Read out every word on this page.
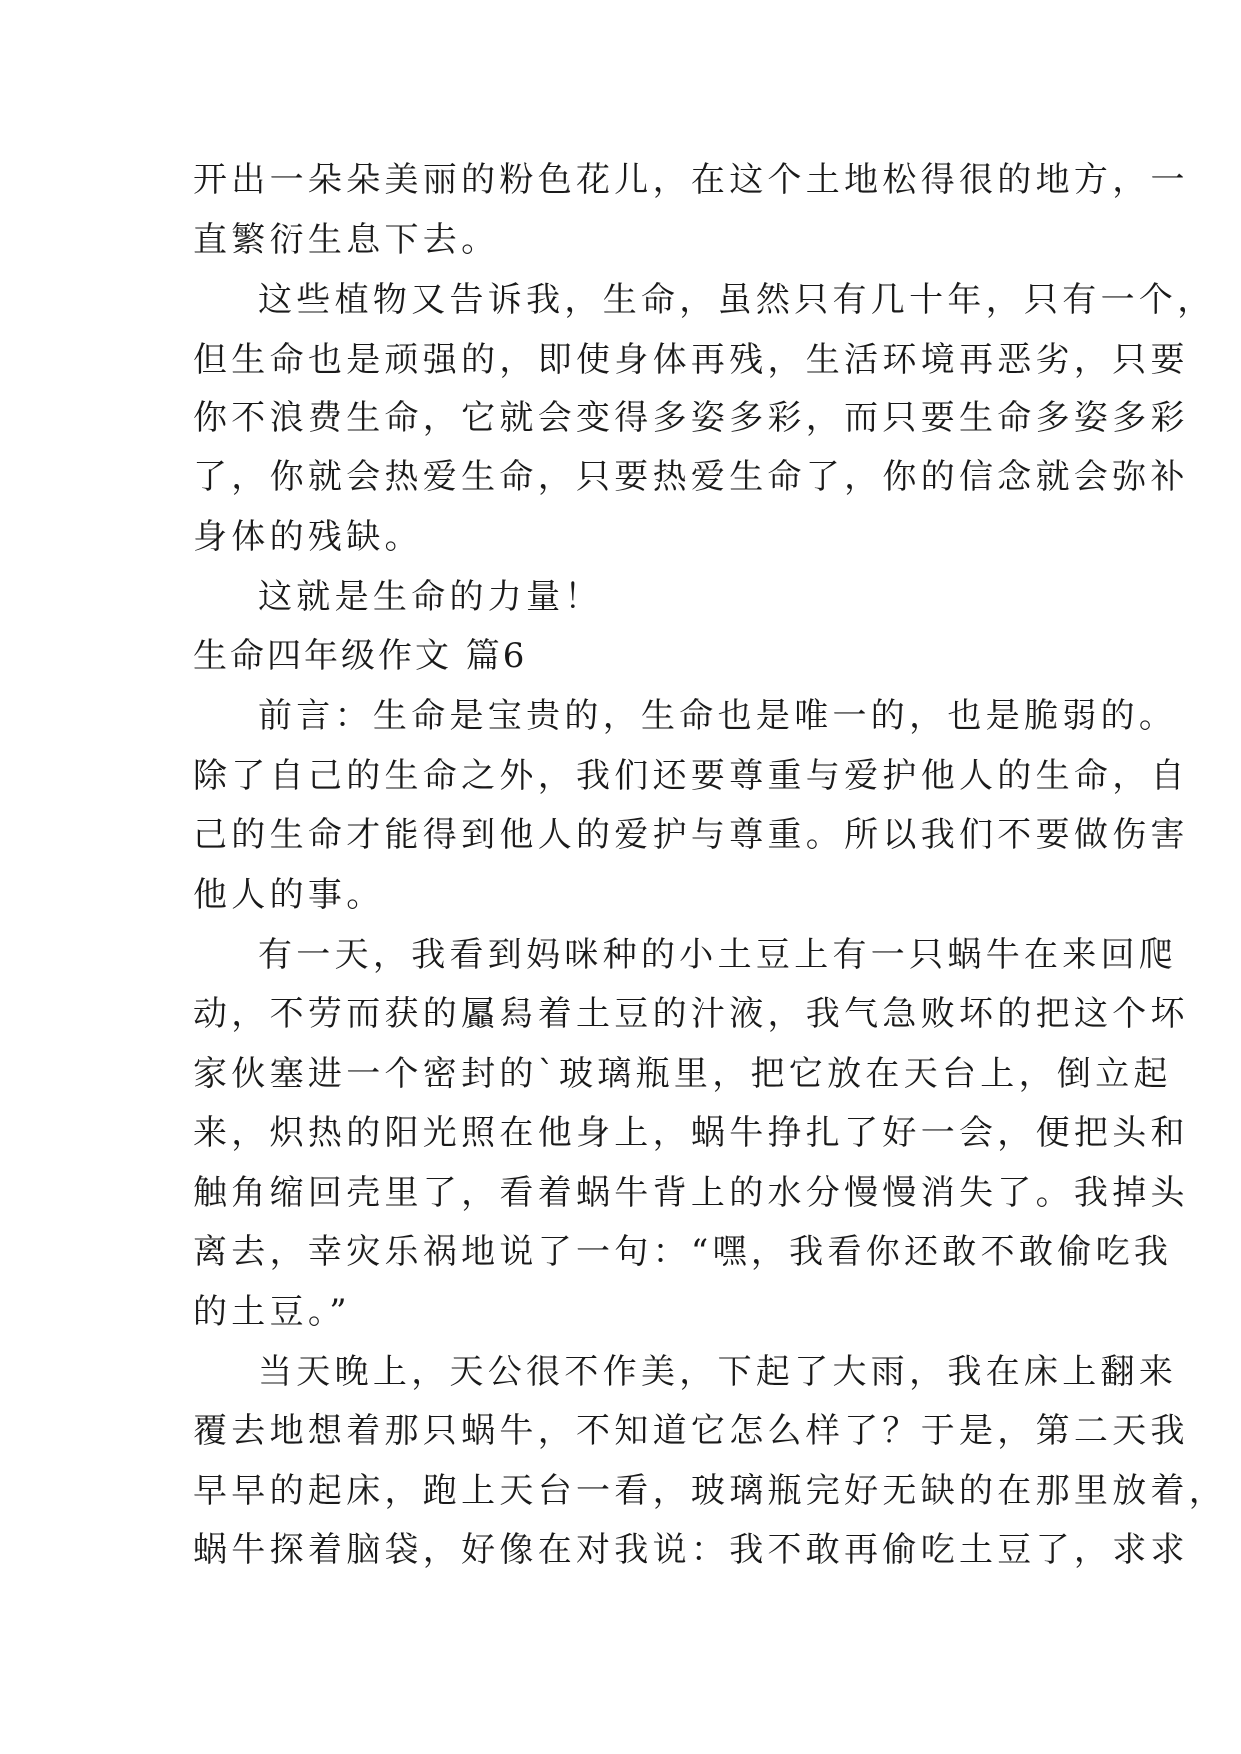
开出一朵朵美丽的粉色花儿，在这个土地松得很的地方，一
直繁衍生息下去。
这些植物又告诉我，生命，虽然只有几十年，只有一个，
但生命也是顽强的，即使身体再残，生活环境再恶劣，只要
你不浪费生命，它就会变得多姿多彩，而只要生命多姿多彩
了，你就会热爱生命，只要热爱生命了，你的信念就会弥补
身体的残缺。
这就是生命的力量！
生命四年级作文 篇6
前言：生命是宝贵的，生命也是唯一的，也是脆弱的。
除了自己的生命之外，我们还要尊重与爱护他人的生命，自
己的生命才能得到他人的爱护与尊重。所以我们不要做伤害
他人的事。
有一天，我看到妈咪种的小土豆上有一只蜗牛在来回爬
动，不劳而获的屭舄着土豆的汁液，我气急败坏的把这个坏
家伙塞进一个密封的`玻璃瓶里，把它放在天台上，倒立起
来，炽热的阳光照在他身上，蜗牛挣扎了好一会，便把头和
触角缩回壳里了，看着蜗牛背上的水分慢慢消失了。我掉头
离去，幸灾乐祸地说了一句：“嘿，我看你还敢不敢偷吃我
的土豆。”
当天晚上，天公很不作美，下起了大雨，我在床上翻来
覆去地想着那只蜗牛，不知道它怎么样了？于是，第二天我
早早的起床，跑上天台一看，玻璃瓶完好无缺的在那里放着，
蜗牛探着脑袋，好像在对我说：我不敢再偷吃土豆了，求求
